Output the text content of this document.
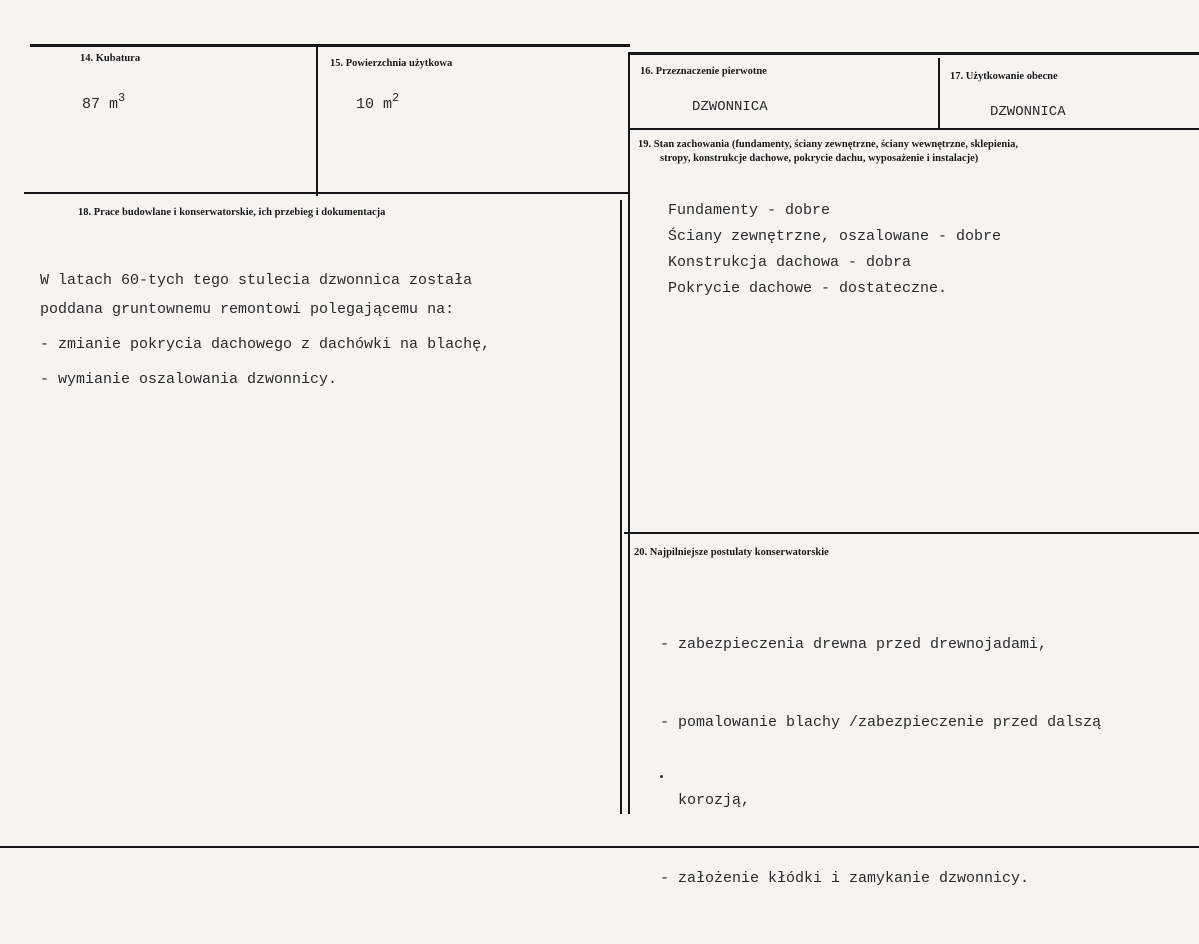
14. Kubatura
87 $m^3$
15. Powierzchnia użytkowa
10 $m^2$
16. Przeznaczenie pierwotne
DZWONNICA
17. Użytkowanie obecne
DZWONNICA
18. Prace budowlane i konserwatorskie, ich przebieg i dokumentacja
W latach 60-tych tego stulecia dzwonnica została
poddana gruntownemu remontowi polegającemu na:
- zmianie pokrycia dachowego z dachówki na blachę,
- wymianie oszalowania dzwonnicy.
19. Stan zachowania (fundamenty, ściany zewnętrzne, ściany wewnętrzne, sklepienia,
stropy, konstrukcje dachowe, pokrycie dachu, wyposażenie i instalacje)
Fundamenty - dobre
Ściany zewnętrzne, oszalowane - dobre
Konstrukcja dachowa - dobra
Pokrycie dachowe - dostateczne.
20. Najpilniejsze postulaty konserwatorskie

- zabezpieczenia drewna przed drewnojadami,

- pomalowanie blachy /zabezpieczenie przed dalszą

korozją,

- założenie kłódki i zamykanie dzwonnicy.
